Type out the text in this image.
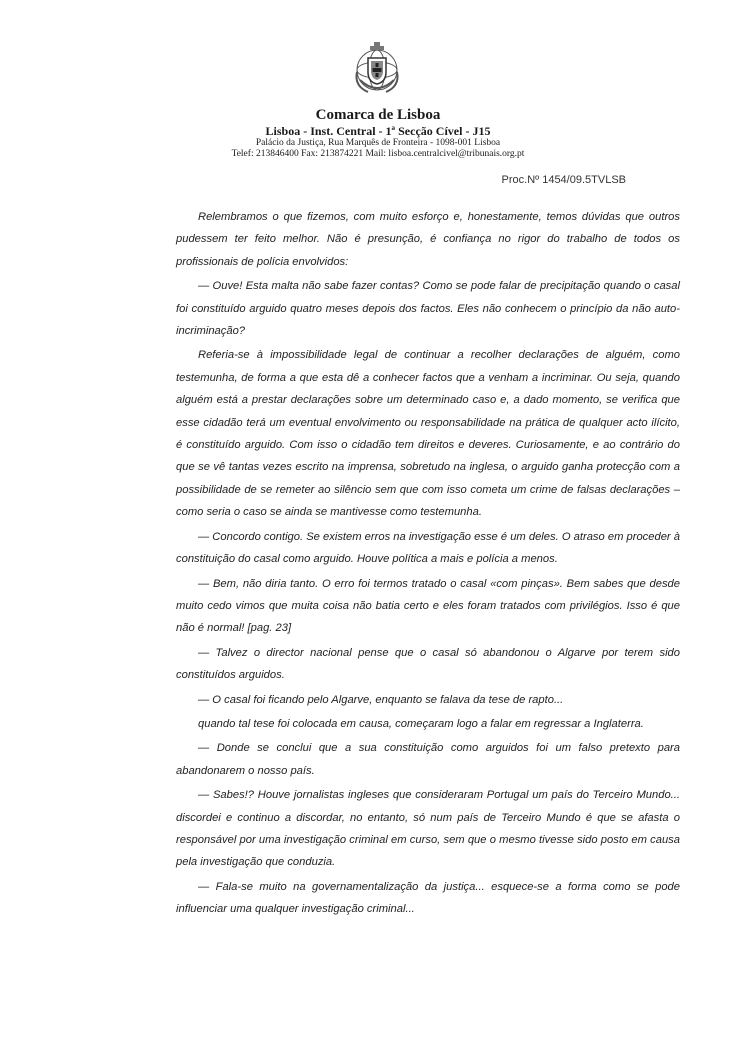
Comarca de Lisboa
Lisboa - Inst. Central - 1ª Secção Cível - J15
Palácio da Justiça, Rua Marquês de Fronteira - 1098-001 Lisboa
Telef: 213846400 Fax: 213874221 Mail: lisboa.centralcivel@tribunais.org.pt
Proc.Nº 1454/09.5TVLSB

Relembramos o que fizemos, com muito esforço e, honestamente, temos dúvidas que outros pudessem ter feito melhor. Não é presunção, é confiança no rigor do trabalho de todos os profissionais de polícia envolvidos:

— Ouve! Esta malta não sabe fazer contas? Como se pode falar de precipitação quando o casal foi constituído arguido quatro meses depois dos factos. Eles não conhecem o princípio da não auto-incriminação?

Referia-se à impossibilidade legal de continuar a recolher declarações de alguém, como testemunha, de forma a que esta dê a conhecer factos que a venham a incriminar. Ou seja, quando alguém está a prestar declarações sobre um determinado caso e, a dado momento, se verifica que esse cidadão terá um eventual envolvimento ou responsabilidade na prática de qualquer acto ilícito, é constituído arguido. Com isso o cidadão tem direitos e deveres. Curiosamente, e ao contrário do que se vê tantas vezes escrito na imprensa, sobretudo na inglesa, o arguido ganha protecção com a possibilidade de se remeter ao silêncio sem que com isso cometa um crime de falsas declarações – como seria o caso se ainda se mantivesse como testemunha.

— Concordo contigo. Se existem erros na investigação esse é um deles. O atraso em proceder à constituição do casal como arguido. Houve política a mais e polícia a menos.

— Bem, não diria tanto. O erro foi termos tratado o casal «com pinças». Bem sabes que desde muito cedo vimos que muita coisa não batia certo e eles foram tratados com privilégios. Isso é que não é normal! [pag. 23]

— Talvez o director nacional pense que o casal só abandonou o Algarve por terem sido constituídos arguidos.

— O casal foi ficando pelo Algarve, enquanto se falava da tese de rapto...

quando tal tese foi colocada em causa, começaram logo a falar em regressar a Inglaterra.

— Donde se conclui que a sua constituição como arguidos foi um falso pretexto para abandonarem o nosso país.

— Sabes!? Houve jornalistas ingleses que consideraram Portugal um país do Terceiro Mundo... discordei e continuo a discordar, no entanto, só num país de Terceiro Mundo é que se afasta o responsável por uma investigação criminal em curso, sem que o mesmo tivesse sido posto em causa pela investigação que conduzia.

— Fala-se muito na governamentalização da justiça... esquece-se a forma como se pode influenciar uma qualquer investigação criminal...
